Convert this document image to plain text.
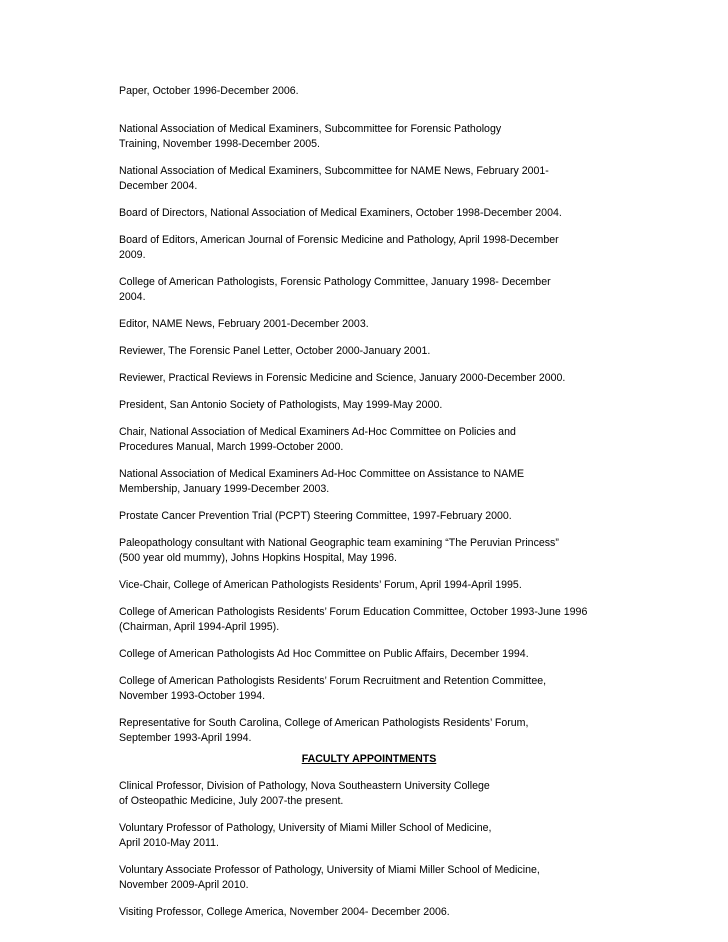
Paper, October 1996-December 2006.
National Association of Medical Examiners, Subcommittee for Forensic Pathology
Training, November 1998-December 2005.
National Association of Medical Examiners, Subcommittee for NAME News, February 2001-
December 2004.
Board of Directors, National Association of Medical Examiners, October 1998-December 2004.
Board of Editors, American Journal of Forensic Medicine and Pathology, April 1998-December
2009.
College of American Pathologists, Forensic Pathology Committee, January 1998- December
2004.
Editor, NAME News, February 2001-December 2003.
Reviewer, The Forensic Panel Letter, October 2000-January 2001.
Reviewer, Practical Reviews in Forensic Medicine and Science, January 2000-December 2000.
President, San Antonio Society of Pathologists, May 1999-May 2000.
Chair, National Association of Medical Examiners Ad-Hoc Committee on Policies and
Procedures Manual, March 1999-October 2000.
National Association of Medical Examiners Ad-Hoc Committee on Assistance to NAME
Membership, January 1999-December 2003.
Prostate Cancer Prevention Trial (PCPT) Steering Committee, 1997-February 2000.
Paleopathology consultant with National Geographic team examining “The Peruvian Princess”
(500 year old mummy), Johns Hopkins Hospital, May 1996.
Vice-Chair, College of American Pathologists Residents’ Forum, April 1994-April 1995.
College of American Pathologists Residents’ Forum Education Committee, October 1993-June 1996
(Chairman, April 1994-April 1995).
College of American Pathologists Ad Hoc Committee on Public Affairs, December 1994.
College of American Pathologists Residents’ Forum Recruitment and Retention Committee,
November 1993-October 1994.
Representative for South Carolina, College of American Pathologists Residents’ Forum,
September 1993-April 1994.
FACULTY APPOINTMENTS
Clinical Professor, Division of Pathology, Nova Southeastern University College
of Osteopathic Medicine, July 2007-the present.
Voluntary Professor of Pathology, University of Miami Miller School of Medicine,
April 2010-May 2011.
Voluntary Associate Professor of Pathology, University of Miami Miller School of Medicine,
November 2009-April 2010.
Visiting Professor, College America, November 2004- December 2006.
